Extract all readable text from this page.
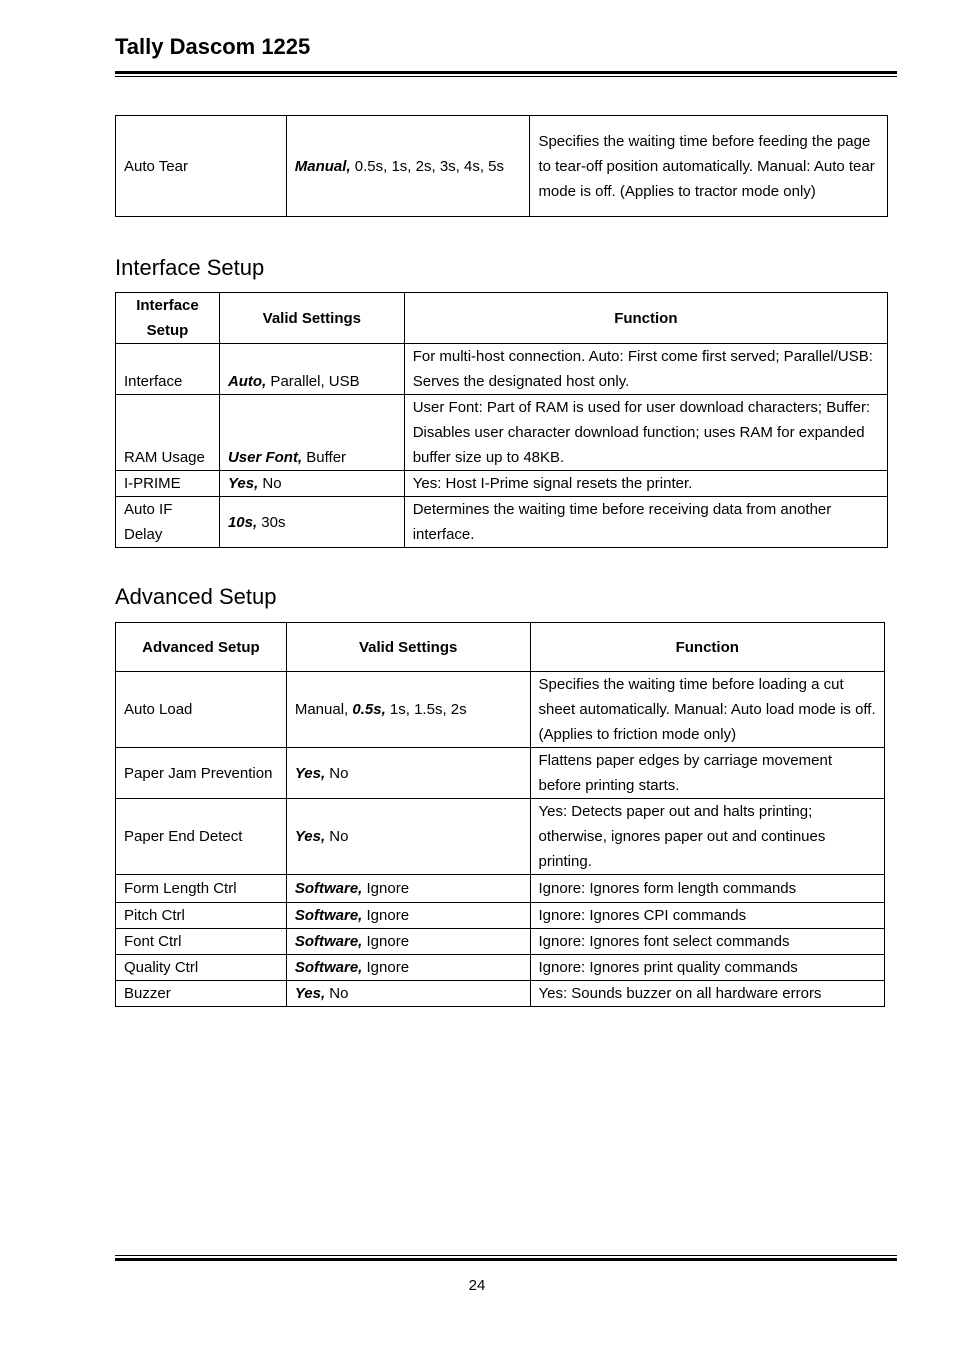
Tally Dascom 1225
Auto Tear	Manual, 0.5s, 1s, 2s, 3s, 4s, 5s	Specifies the waiting time before feeding the page to tear-off position automatically. Manual: Auto tear mode is off. (Applies to tractor mode only)
Interface Setup
Interface Setup	Valid Settings	Function
Interface	Auto, Parallel, USB	For multi-host connection. Auto: First come first served; Parallel/USB: Serves the designated host only.
RAM Usage	User Font, Buffer	User Font: Part of RAM is used for user download characters; Buffer: Disables user character download function; uses RAM for expanded buffer size up to 48KB.
I-PRIME	Yes, No	Yes: Host I-Prime signal resets the printer.
Auto IF Delay	10s, 30s	Determines the waiting time before receiving data from another interface.
Advanced Setup
Advanced Setup	Valid Settings	Function
Auto Load	Manual, 0.5s, 1s, 1.5s, 2s	Specifies the waiting time before loading a cut sheet automatically. Manual: Auto load mode is off. (Applies to friction mode only)
Paper Jam Prevention	Yes, No	Flattens paper edges by carriage movement before printing starts.
Paper End Detect	Yes, No	Yes: Detects paper out and halts printing; otherwise, ignores paper out and continues printing.
Form Length Ctrl	Software, Ignore	Ignore: Ignores form length commands
Pitch Ctrl	Software, Ignore	Ignore: Ignores CPI commands
Font Ctrl	Software, Ignore	Ignore: Ignores font select commands
Quality Ctrl	Software, Ignore	Ignore: Ignores print quality commands
Buzzer	Yes, No	Yes: Sounds buzzer on all hardware errors
24
